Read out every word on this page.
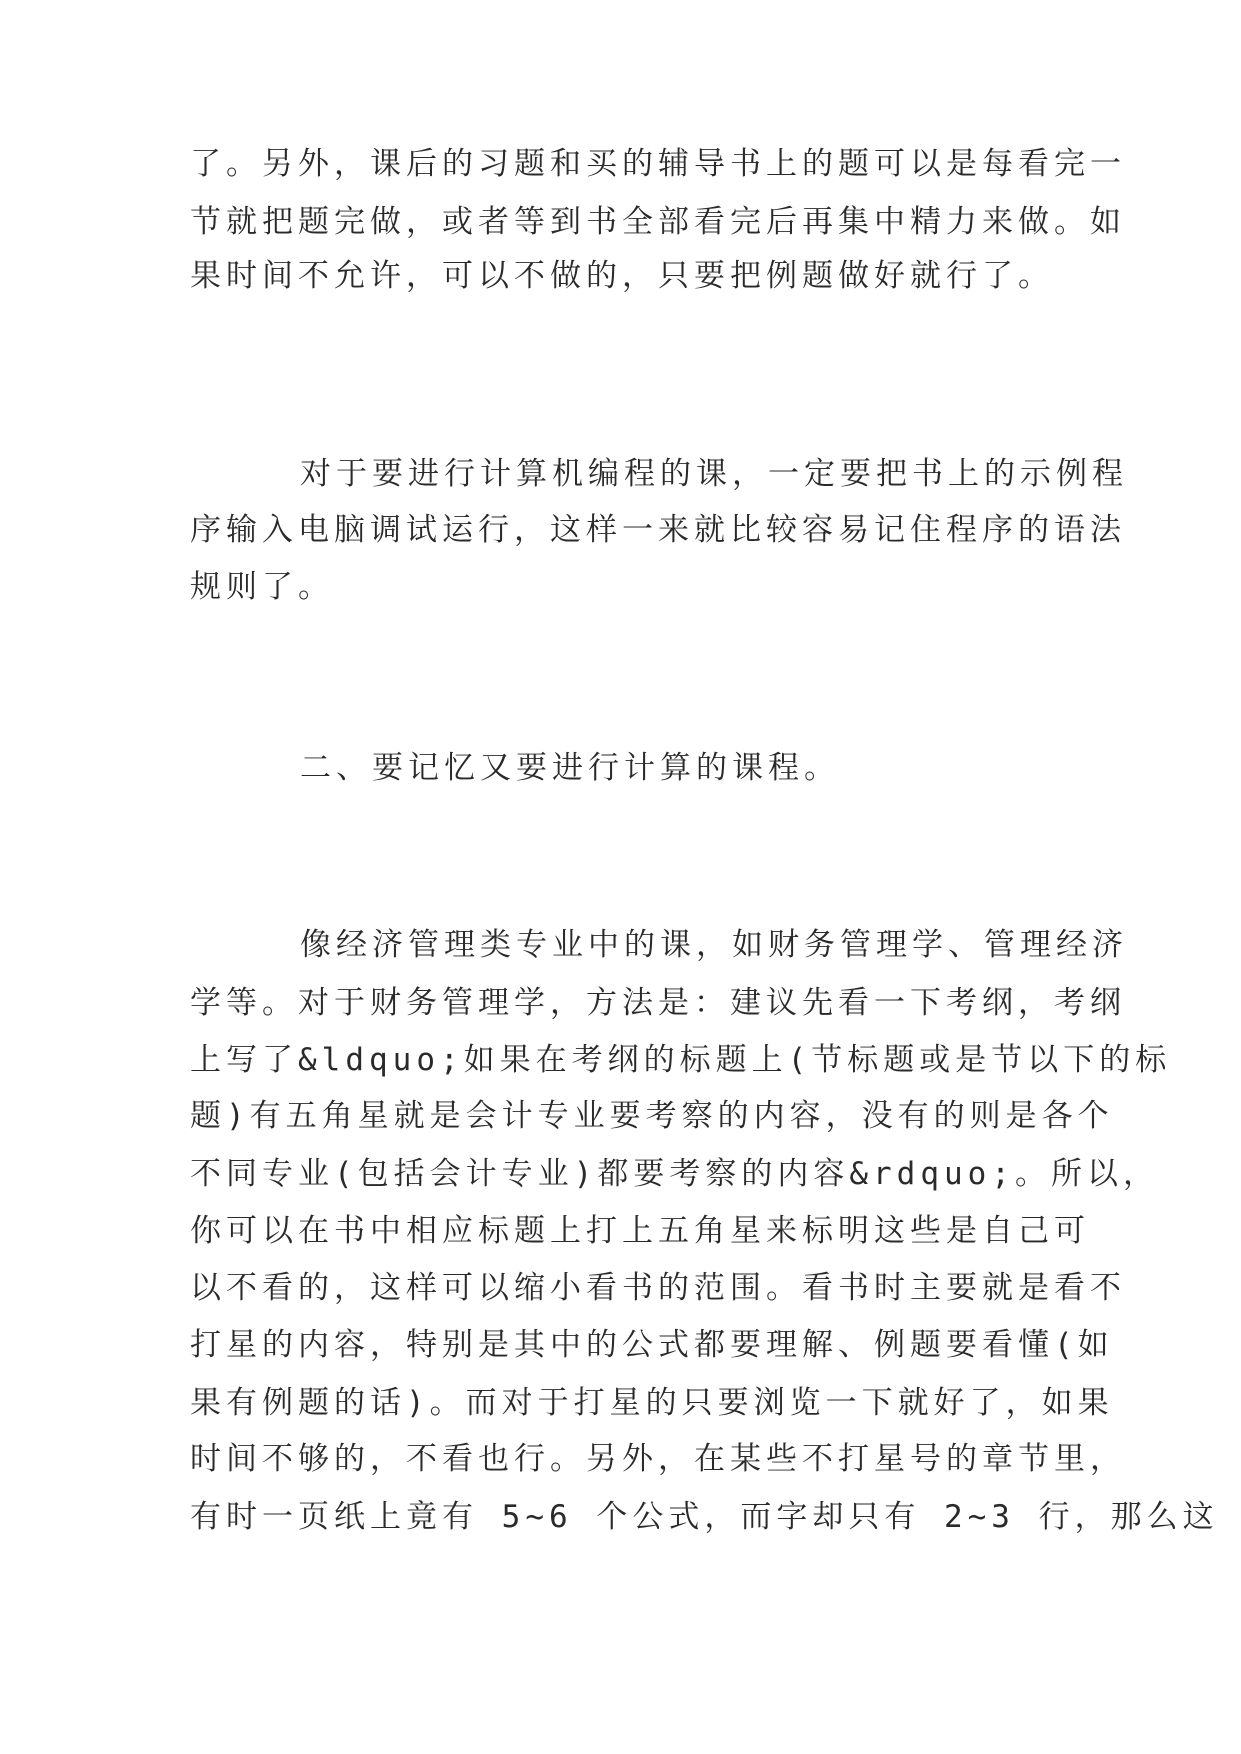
了。另外，课后的习题和买的辅导书上的题可以是每看完一
节就把题完做，或者等到书全部看完后再集中精力来做。如
果时间不允许，可以不做的，只要把例题做好就行了。
对于要进行计算机编程的课，一定要把书上的示例程
序输入电脑调试运行，这样一来就比较容易记住程序的语法
规则了。
二、要记忆又要进行计算的课程。
像经济管理类专业中的课，如财务管理学、管理经济
学等。对于财务管理学，方法是：建议先看一下考纲，考纲
上写了&ldquo;如果在考纲的标题上(节标题或是节以下的标
题)有五角星就是会计专业要考察的内容，没有的则是各个
不同专业(包括会计专业)都要考察的内容&rdquo;。所以，
你可以在书中相应标题上打上五角星来标明这些是自己可
以不看的，这样可以缩小看书的范围。看书时主要就是看不
打星的内容，特别是其中的公式都要理解、例题要看懂(如
果有例题的话)。而对于打星的只要浏览一下就好了，如果
时间不够的，不看也行。另外，在某些不打星号的章节里，
有时一页纸上竟有 5~6 个公式，而字却只有 2~3 行，那么这
